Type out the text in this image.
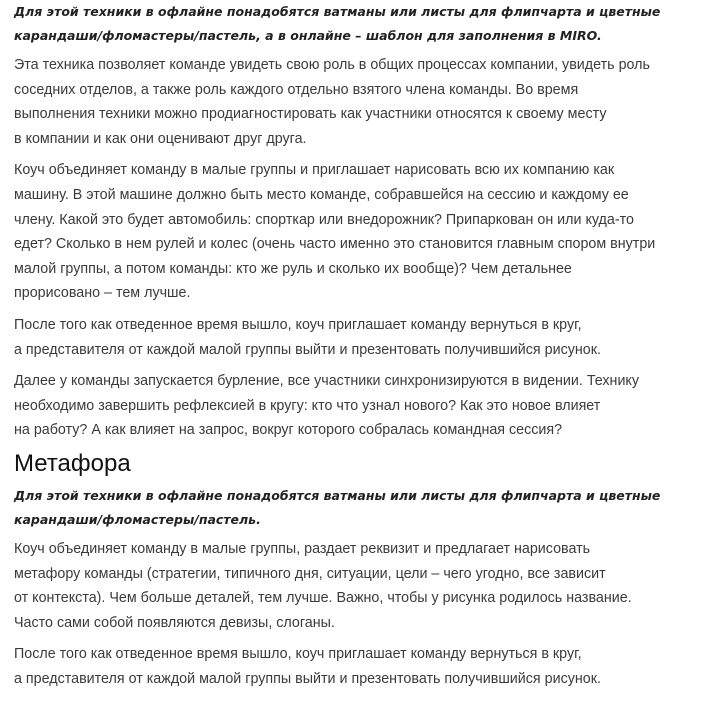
Для этой техники в офлайне понадобятся ватманы или листы для флипчарта и цветные
карандаши/фломастеры/пастель, а в онлайне – шаблон для заполнения в MIRO.
Эта техника позволяет команде увидеть свою роль в общих процессах компании, увидеть роль
соседних отделов, а также роль каждого отдельно взятого члена команды. Во время
выполнения техники можно продиагностировать как участники относятся к своему месту
в компании и как они оценивают друг друга.
Коуч объединяет команду в малые группы и приглашает нарисовать всю их компанию как
машину. В этой машине должно быть место команде, собравшейся на сессию и каждому ее
члену. Какой это будет автомобиль: спорткар или внедорожник? Припаркован он или куда-то
едет? Сколько в нем рулей и колес (очень часто именно это становится главным спором внутри
малой группы, а потом команды: кто же руль и сколько их вообще)? Чем детальнее
прорисовано – тем лучше.
После того как отведенное время вышло, коуч приглашает команду вернуться в круг,
а представителя от каждой малой группы выйти и презентовать получившийся рисунок.
Далее у команды запускается бурление, все участники синхронизируются в видении. Технику
необходимо завершить рефлексией в кругу: кто что узнал нового? Как это новое влияет
на работу? А как влияет на запрос, вокруг которого собралась командная сессия?
Метафора
Для этой техники в офлайне понадобятся ватманы или листы для флипчарта и цветные
карандаши/фломастеры/пастель.
Коуч объединяет команду в малые группы, раздает реквизит и предлагает нарисовать
метафору команды (стратегии, типичного дня, ситуации, цели – чего угодно, все зависит
от контекста). Чем больше деталей, тем лучше. Важно, чтобы у рисунка родилось название.
Часто сами собой появляются девизы, слоганы.
После того как отведенное время вышло, коуч приглашает команду вернуться в круг,
а представителя от каждой малой группы выйти и презентовать получившийся рисунок.
